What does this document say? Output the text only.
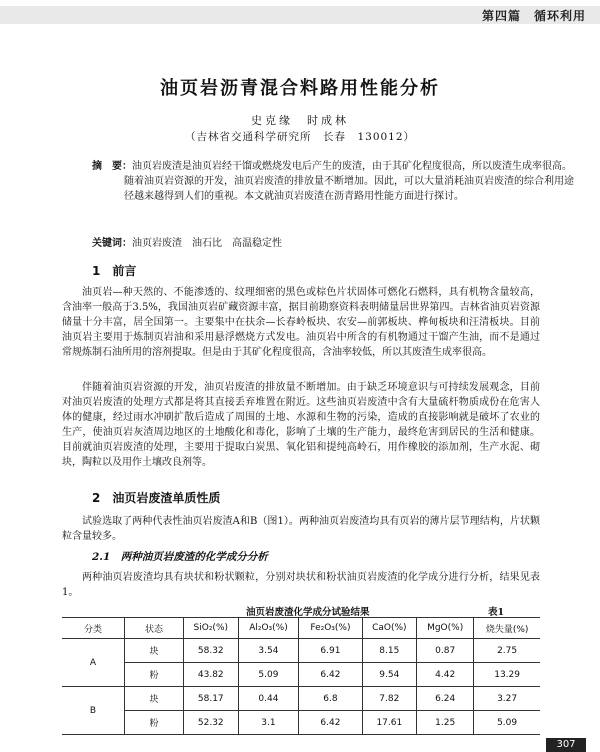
第四篇　循环利用
油页岩沥青混合料路用性能分析
史克缘　时成林
（吉林省交通科学研究所　长春　130012）
摘　要：油页岩废渣是油页岩经干馏或燃烧发电后产生的废渣，由于其矿化程度很高，所以废渣生成率很高。随着油页岩资源的开发，油页岩废渣的排放量不断增加。因此，可以大量消耗油页岩废渣的综合利用途径越来越得到人们的重视。本文就油页岩废渣在沥青路用性能方面进行探讨。
关键词：油页岩废渣　油石比　高温稳定性
1　前言
油页岩—种天然的、不能渗透的、纹理细密的黑色或棕色片状固体可燃化石燃料，具有机物含量较高，含油率一般高于3.5%，我国油页岩矿藏资源丰富，据目前勘察资料表明储量居世界第四。吉林省油页岩资源储量十分丰富，居全国第一。主要集中在扶余—长春岭板块、农安—前郭板块、桦甸板块和汪清板块。目前油页岩主要用于炼制页岩油和采用悬浮燃烧方式发电。油页岩中所含的有机物通过干馏产生油，而不是通过常规炼制石油所用的溶剂提取。但是由于其矿化程度很高，含油率较低，所以其废渣生成率很高。
伴随着油页岩资源的开发，油页岩废渣的排放量不断增加。由于缺乏环境意识与可持续发展观念，目前对油页岩废渣的处理方式都是将其直接丢弃堆置在附近。这些油页岩废渣中含有大量硫杆物质成份在危害人体的健康，经过雨水冲刷扩散后造成了周围的土地、水源和生物的污染，造成的直接影响就是破坏了农业的生产，使油页岩灰渣周边地区的土地酸化和毒化，影响了土壤的生产能力，最终危害到居民的生活和健康。目前就油页岩废渣的处理，主要用于提取白炭黑、氧化铝和提纯高岭石，用作橡胶的添加剂，生产水泥、砌块，陶粒以及用作土壤改良剂等。
2　油页岩废渣单质性质
试验选取了两种代表性油页岩废渣A和B（图1）。两种油页岩废渣均具有页岩的薄片层节理结构，片状颗粒含量较多。
2.1　两种油页岩废渣的化学成分分析
两种油页岩废渣均具有块状和粉状颗粒，分别对块状和粉状油页岩废渣的化学成分进行分析，结果见表1。
油页岩废渣化学成分试验结果	表1
分类	状态	SiO₂(%)	Al₂O₃(%)	Fe₂O₃(%)	CaO(%)	MgO(%)	烧失量(%)
A	块	58.32	3.54	6.91	8.15	0.87	2.75
	粉	43.82	5.09	6.42	9.54	4.42	13.29
B	块	58.17	0.44	6.8	7.82	6.24	3.27
	粉	52.32	3.1	6.42	17.61	1.25	5.09
307
